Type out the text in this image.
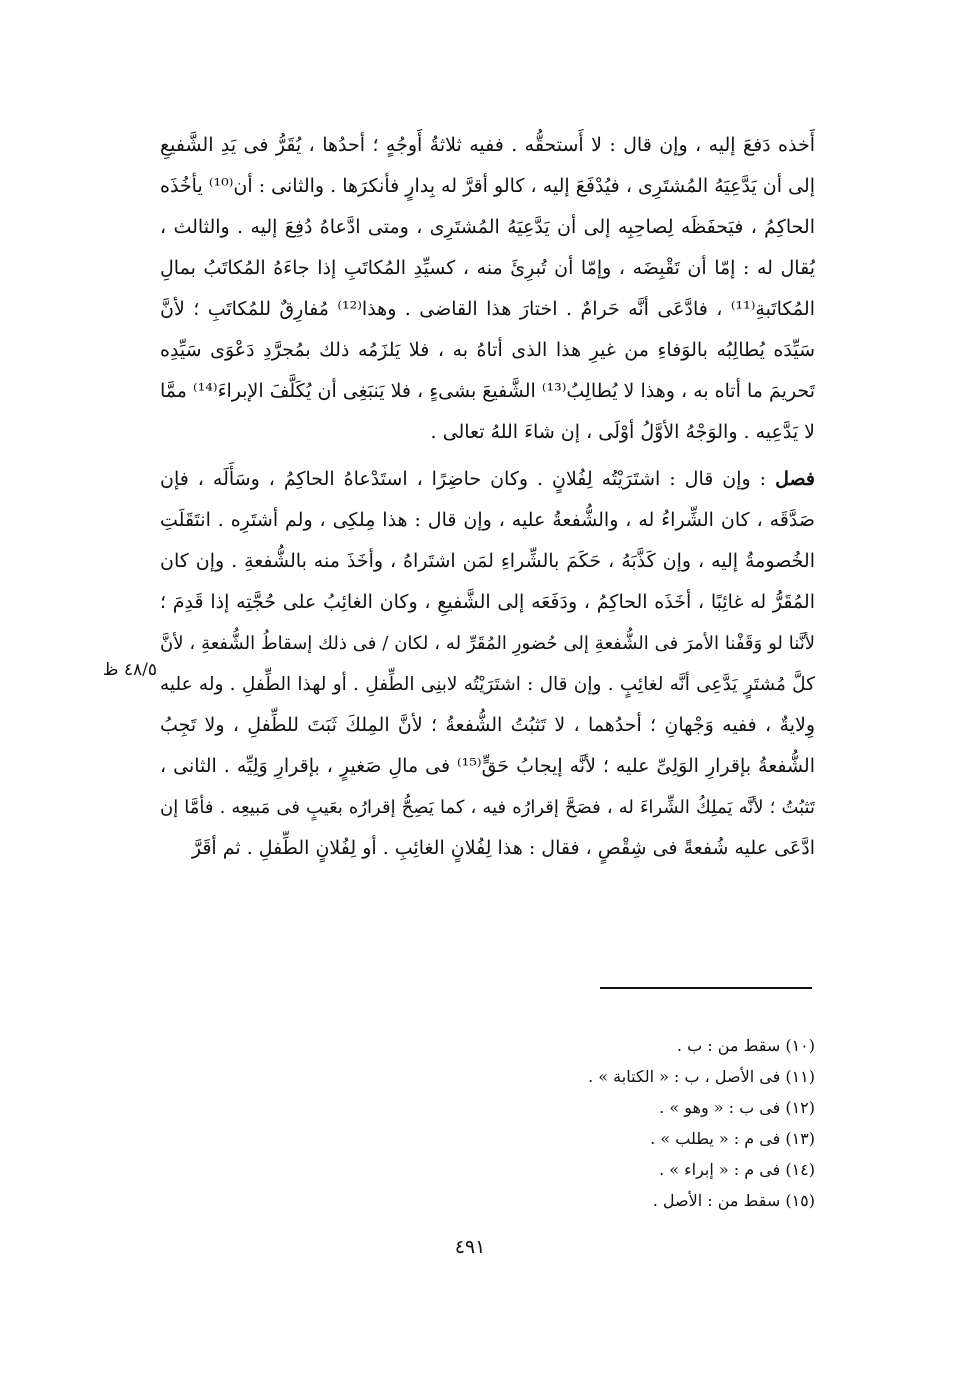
أَخذه دَفعَ إليه ، وإن قال : لا أَستحقُّه . ففيه ثلاثةُ أَوجُهٍ ؛ أحدُها ، يُقَرُّ فى يَدِ الشَّفيعِ
إلى أن يَدَّعِيَهُ المُشتَرِى ، فيُدْفَعَ إليه ، كالو أقرَّ له بِدارٍ فأنكرَها . والثانى : أن⁽¹⁰⁾ يأخُذَه
الحاكِمُ ، فيَحفَظَه لِصاحِبِه إلى أن يَدَّعِيَهُ المُشتَرِى ، ومتى ادَّعاهُ دُفِعَ إليه . والثالث ،
يُقال له : إمّا أن تَقْبِضَه ، وإمّا أن تُبرِئَ منه ، كسيِّدِ المُكاتَبِ إذا جاءَهُ المُكاتَبُ بمالِ
المُكاتَبةِ⁽¹¹⁾ ، فادَّعَى أنَّه حَرامٌ . اختارَ هذا القاضى . وهذا⁽¹²⁾ مُفارِقٌ للمُكاتَبِ ؛ لأنَّ
سَيِّدَه يُطالِبُه بالوَفاءِ من غيرِ هذا الذى أتاهُ به ، فلا يَلزَمُه ذلك بمُجرَّدِ دَعْوَى سَيِّدِه
تَحريمَ ما أتاه به ، وهذا لا يُطالِبُ⁽¹³⁾ الشَّفيعَ بشىءٍ ، فلا يَنبَغِى أن يُكَلَّفَ الإبراءَ⁽¹⁴⁾ ممَّا
لا يَدَّعِيه . والوَجْهُ الأوَّلُ أوْلَى ، إن شاءَ اللهُ تعالى .
فصل : وإن قال : اشتَرَيْتُه لِفُلانٍ . وكان حاضِرًا ، استَدْعاهُ الحاكِمُ ، وسَأَلَه ، فإن
صَدَّقَه ، كان الشِّراءُ له ، والشُّفعةُ عليه ، وإن قال : هذا مِلكِى ، ولم أشتَرِه . انتَقَلَتِ
الخُصومةُ إليه ، وإن كَذَّبَهُ ، حَكَمَ بالشِّراءِ لمَن اشتَراهُ ، وأخَذَ منه بالشُّفعةِ . وإن كان
المُقَرُّ له غائِبًا ، أخَذَه الحاكِمُ ، ودَفَعَه إلى الشَّفيعِ ، وكان الغائِبُ على حُجَّتِه إذا قَدِمَ ؛
لأنَّنا لو وَقَفْنا الأمرَ فى الشُّفعةِ إلى حُضورِ المُقَرِّ له ، لكان / فى ذلك إسقاطُ الشُّفعةِ ، لأنَّ
كلَّ مُشتَرٍ يَدَّعِى أنَّه لغائِبٍ . وإن قال : اشتَرَيْتُه لابنِى الطِّفلِ . أو لهذا الطِّفلِ . وله عليه
وِلايةٌ ، ففيه وَجْهانِ ؛ أحدُهما ، لا تَثبُتُ الشُّفعةُ ؛ لأنَّ المِلكَ ثَبَتَ للطِّفلِ ، ولا تَجِبُ
الشُّفعةُ بإقرارِ الوَلِىِّ عليه ؛ لأنَّه إيجابُ حَقٍّ⁽¹⁵⁾ فى مالِ صَغيرٍ ، بإقرارِ وَلِيِّه . الثانى ،
تَثبُتُ ؛ لأنَّه يَملِكُ الشِّراءَ له ، فصَحَّ إقرارُه فيه ، كما يَصِحُّ إقرارُه بعَيبٍ فى مَبيعِه . فأمَّا إن
ادَّعَى عليه شُفعةً فى شِقْصٍ ، فقال : هذا لِفُلانٍ الغائِبِ . أو لِفُلانٍ الطِّفلِ . ثم أقَرَّ
٤٨/٥ ظ
(١٠) سقط من : ب .
(١١) فى الأصل ، ب : « الكتابة » .
(١٢) فى ب : « وهو » .
(١٣) فى م : « يطلب » .
(١٤) فى م : « إبراء » .
(١٥) سقط من : الأصل .
٤٩١
